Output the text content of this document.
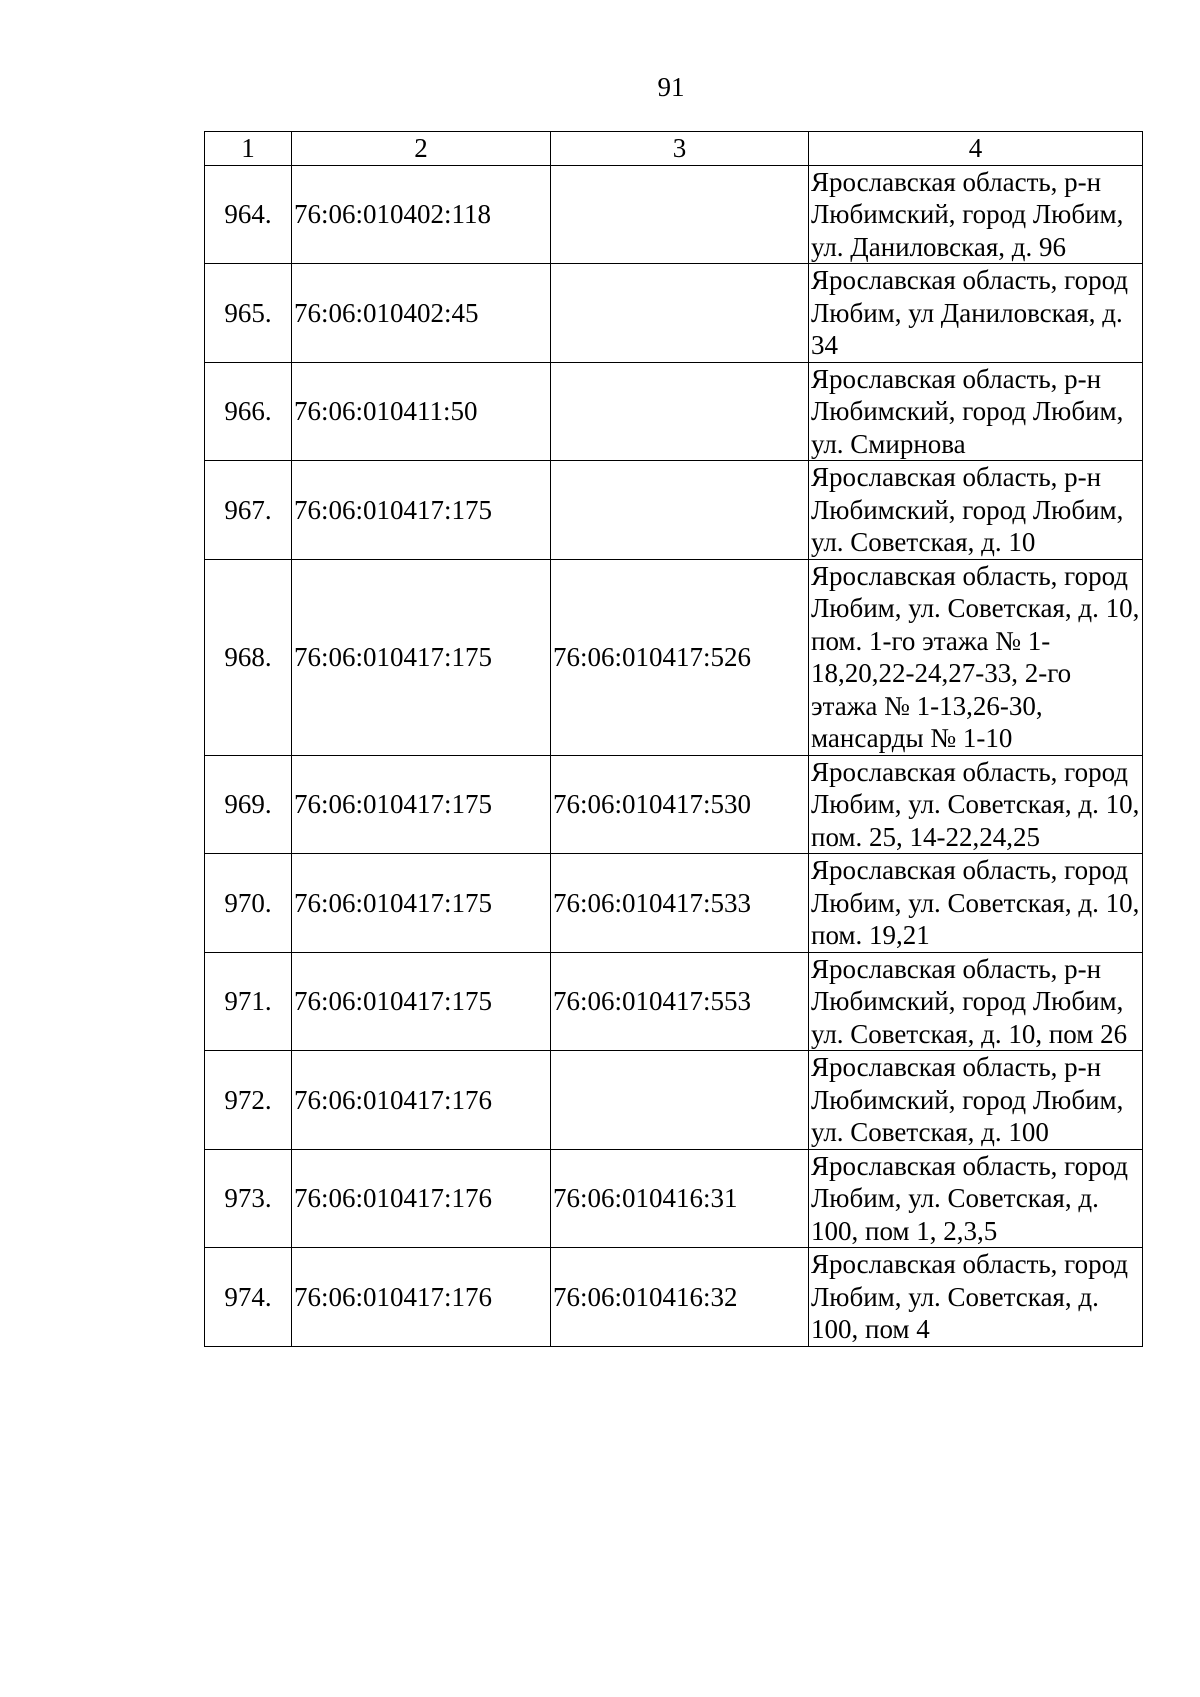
91
1	2	3	4
964.	76:06:010402:118		Ярославская область, р-н Любимский, город Любим, ул. Даниловская, д. 96
965.	76:06:010402:45		Ярославская область, город Любим, ул Даниловская, д. 34
966.	76:06:010411:50		Ярославская область, р-н Любимский, город Любим, ул. Смирнова
967.	76:06:010417:175		Ярославская область, р-н Любимский, город Любим, ул. Советская, д. 10
968.	76:06:010417:175	76:06:010417:526	Ярославская область, город Любим, ул. Советская, д. 10, пом. 1-го этажа № 1-18,20,22-24,27-33, 2-го этажа № 1-13,26-30, мансарды № 1-10
969.	76:06:010417:175	76:06:010417:530	Ярославская область, город Любим, ул. Советская, д. 10, пом. 25, 14-22,24,25
970.	76:06:010417:175	76:06:010417:533	Ярославская область, город Любим, ул. Советская, д. 10, пом. 19,21
971.	76:06:010417:175	76:06:010417:553	Ярославская область, р-н Любимский, город Любим, ул. Советская, д. 10, пом 26
972.	76:06:010417:176		Ярославская область, р-н Любимский, город Любим, ул. Советская, д. 100
973.	76:06:010417:176	76:06:010416:31	Ярославская область, город Любим, ул. Советская, д. 100, пом 1, 2,3,5
974.	76:06:010417:176	76:06:010416:32	Ярославская область, город Любим, ул. Советская, д. 100, пом 4
